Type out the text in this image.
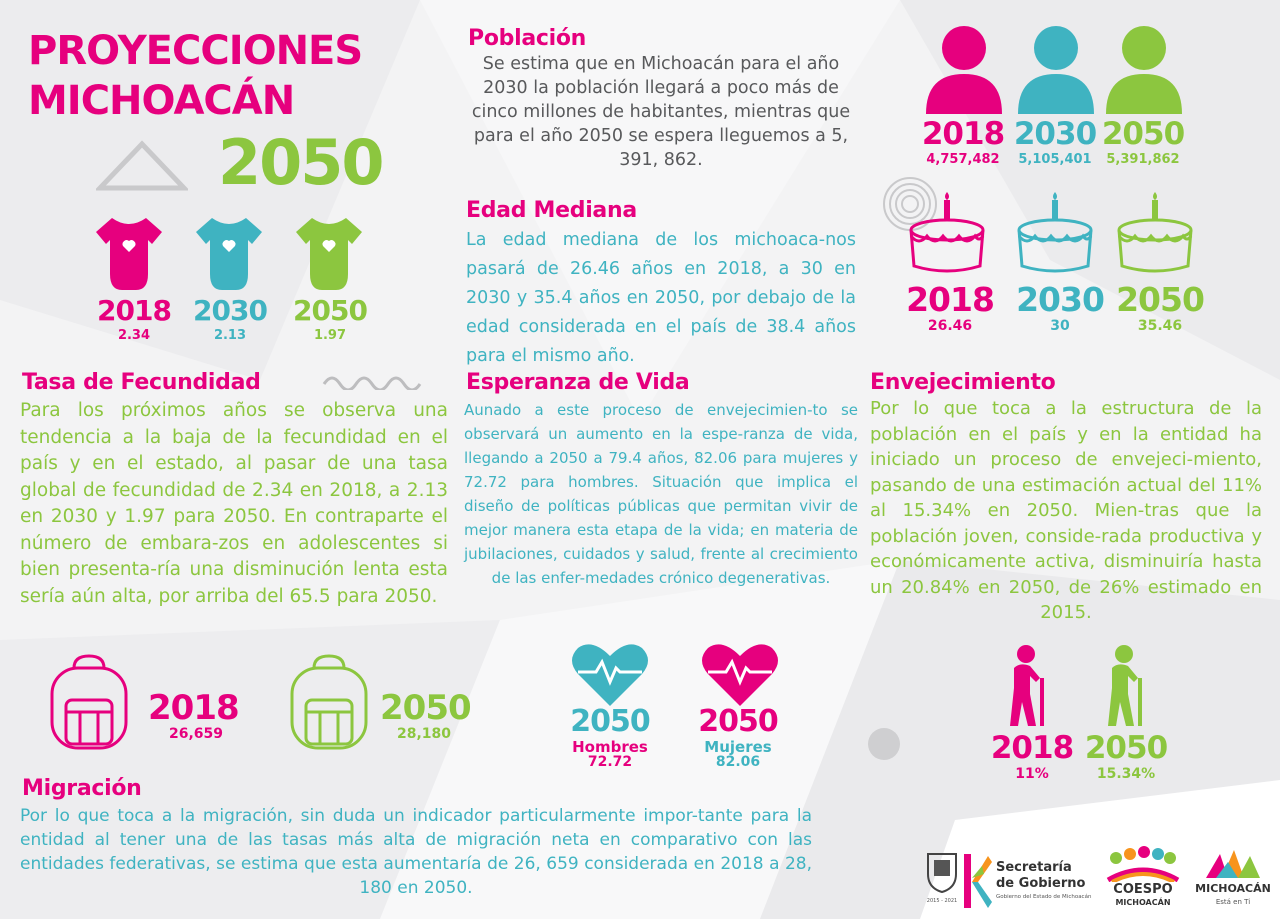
PROYECCIONES
MICHOACÁN
2050
2018
2.34
2030
2.13
2050
1.97
Población
Se estima que en Michoacán para el año 2030 la población llegará a poco más de cinco millones de habitantes, mientras que para el año 2050 se espera lleguemos a 5, 391, 862.
2018
4,757,482
2030
5,105,401
2050
5,391,862
Edad Mediana
La edad mediana de los michoaca-nos pasará de 26.46 años en 2018, a 30 en 2030 y 35.4 años en 2050, por debajo de la edad considerada en el país de 38.4 años para el mismo año.
2018
26.46
2030
30
2050
35.46
Tasa de Fecundidad
Para los próximos años se observa una tendencia a la baja de la fecundidad en el país y en el estado, al pasar de una tasa global de fecundidad de 2.34 en 2018, a 2.13 en 2030 y 1.97 para 2050. En contraparte el número de embara-zos en adolescentes si bien presenta-ría una disminución lenta esta sería aún alta, por arriba del 65.5 para 2050.
Esperanza de Vida
Aunado a este proceso de envejecimien-to se observará un aumento en la espe-ranza de vida, llegando a 2050 a 79.4 años, 82.06 para mujeres y 72.72 para hombres. Situación que implica el diseño de políticas públicas que permitan vivir de mejor manera esta etapa de la vida; en materia de jubilaciones, cuidados y salud, frente al crecimiento de las enfer-medades crónico degenerativas.
2050
Hombres
72.72
2050
Mujeres
82.06
Envejecimiento
Por lo que toca a la estructura de la población en el país y en la entidad ha iniciado un proceso de envejeci-miento, pasando de una estimación actual del 11% al 15.34% en 2050. Mien-tras que la población joven, conside-rada productiva y económicamente activa, disminuiría hasta un 20.84% en 2050, de 26% estimado en 2015.
2018
11%
2050
15.34%
2018
26,659
2050
28,180
Migración
Por lo que toca a la migración, sin duda un indicador particularmente impor-tante para la entidad al tener una de las tasas más alta de migración neta en comparativo con las entidades federativas, se estima que esta aumentaría de 26, 659 considerada en 2018 a 28, 180 en 2050.
2015 - 2021
Secretaría
de Gobierno
Gobierno del Estado de Michoacán	COESPO
MICHOACÁN
MICHOACÁN
Está en Ti
